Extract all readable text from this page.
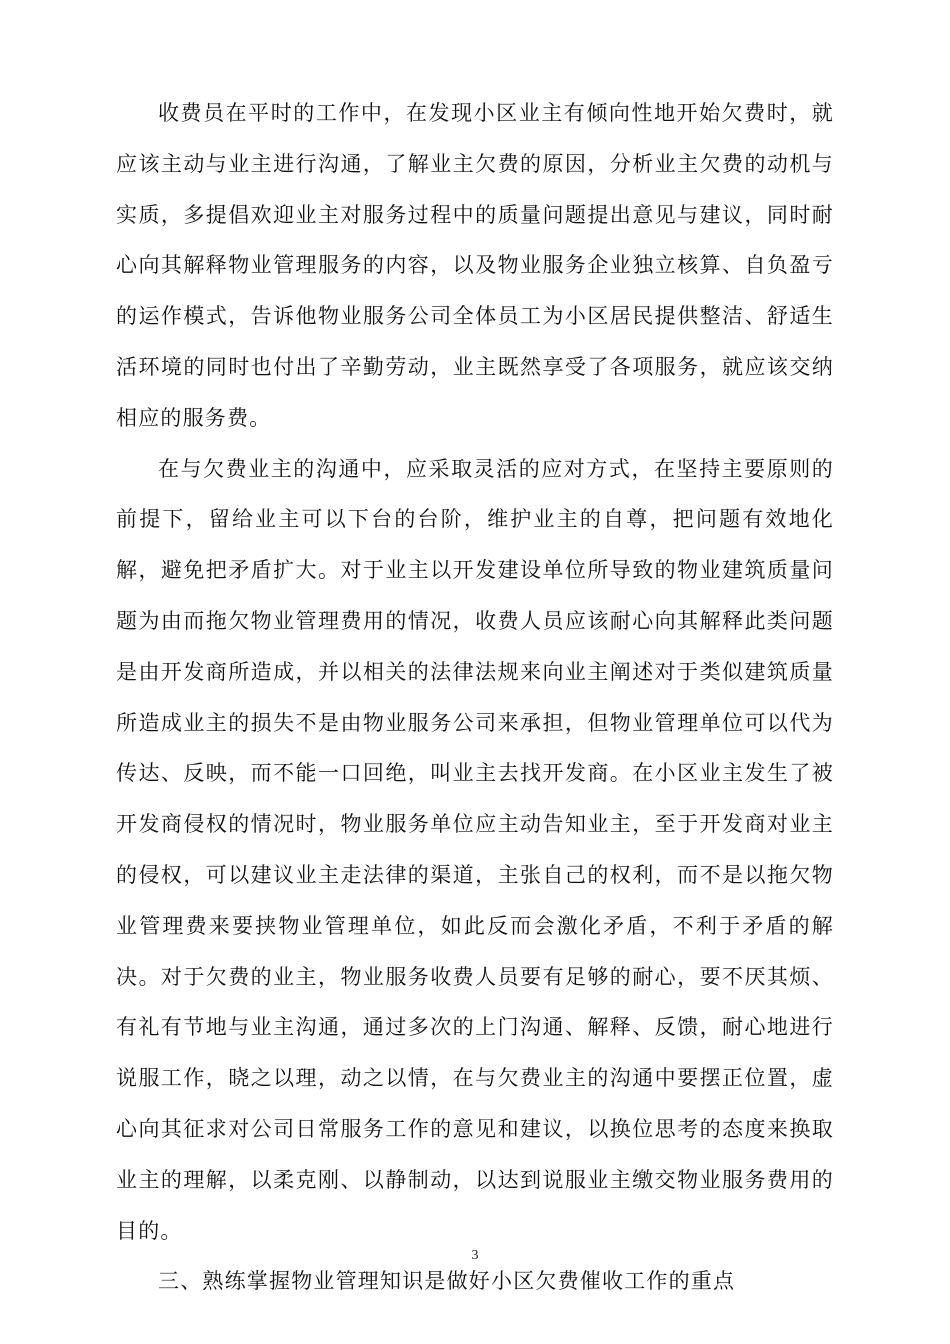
收费员在平时的工作中，在发现小区业主有倾向性地开始欠费时，就应该主动与业主进行沟通，了解业主欠费的原因，分析业主欠费的动机与实质，多提倡欢迎业主对服务过程中的质量问题提出意见与建议，同时耐心向其解释物业管理服务的内容，以及物业服务企业独立核算、自负盈亏的运作模式，告诉他物业服务公司全体员工为小区居民提供整洁、舒适生活环境的同时也付出了辛勤劳动，业主既然享受了各项服务，就应该交纳相应的服务费。

在与欠费业主的沟通中，应采取灵活的应对方式，在坚持主要原则的前提下，留给业主可以下台的台阶，维护业主的自尊，把问题有效地化解，避免把矛盾扩大。对于业主以开发建设单位所导致的物业建筑质量问题为由而拖欠物业管理费用的情况，收费人员应该耐心向其解释此类问题是由开发商所造成，并以相关的法律法规来向业主阐述对于类似建筑质量所造成业主的损失不是由物业服务公司来承担，但物业管理单位可以代为传达、反映，而不能一口回绝，叫业主去找开发商。在小区业主发生了被开发商侵权的情况时，物业服务单位应主动告知业主，至于开发商对业主的侵权，可以建议业主走法律的渠道，主张自己的权利，而不是以拖欠物业管理费来要挟物业管理单位，如此反而会激化矛盾，不利于矛盾的解决。对于欠费的业主，物业服务收费人员要有足够的耐心，要不厌其烦、有礼有节地与业主沟通，通过多次的上门沟通、解释、反馈，耐心地进行说服工作，晓之以理，动之以情，在与欠费业主的沟通中要摆正位置，虚心向其征求对公司日常服务工作的意见和建议，以换位思考的态度来换取业主的理解，以柔克刚、以静制动，以达到说服业主缴交物业服务费用的目的。

三、熟练掌握物业管理知识是做好小区欠费催收工作的重点

3
